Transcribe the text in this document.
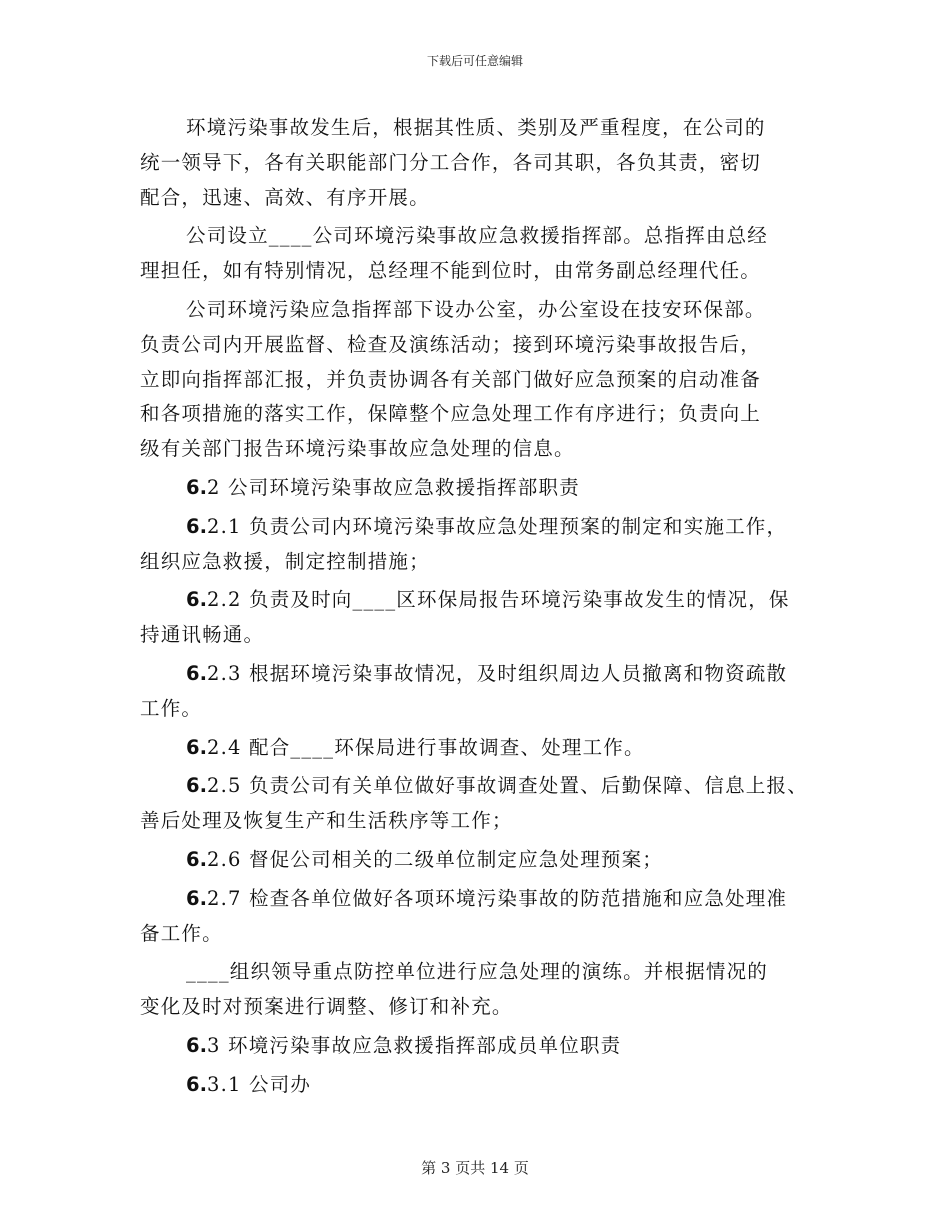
下载后可任意编辑
环境污染事故发生后，根据其性质、类别及严重程度，在公司的
统一领导下，各有关职能部门分工合作，各司其职，各负其责，密切
配合，迅速、高效、有序开展。
公司设立____公司环境污染事故应急救援指挥部。总指挥由总经
理担任，如有特别情况，总经理不能到位时，由常务副总经理代任。
公司环境污染应急指挥部下设办公室，办公室设在技安环保部。
负责公司内开展监督、检查及演练活动；接到环境污染事故报告后，
立即向指挥部汇报，并负责协调各有关部门做好应急预案的启动准备
和各项措施的落实工作，保障整个应急处理工作有序进行；负责向上
级有关部门报告环境污染事故应急处理的信息。
6.2 公司环境污染事故应急救援指挥部职责
6.2.1 负责公司内环境污染事故应急处理预案的制定和实施工作，
组织应急救援，制定控制措施；
6.2.2 负责及时向____区环保局报告环境污染事故发生的情况，保
持通讯畅通。
6.2.3 根据环境污染事故情况，及时组织周边人员撤离和物资疏散
工作。
6.2.4 配合____环保局进行事故调查、处理工作。
6.2.5 负责公司有关单位做好事故调查处置、后勤保障、信息上报、
善后处理及恢复生产和生活秩序等工作；
6.2.6 督促公司相关的二级单位制定应急处理预案；
6.2.7 检查各单位做好各项环境污染事故的防范措施和应急处理准
备工作。
____组织领导重点防控单位进行应急处理的演练。并根据情况的
变化及时对预案进行调整、修订和补充。
6.3 环境污染事故应急救援指挥部成员单位职责
6.3.1 公司办
第 3 页共 14 页
